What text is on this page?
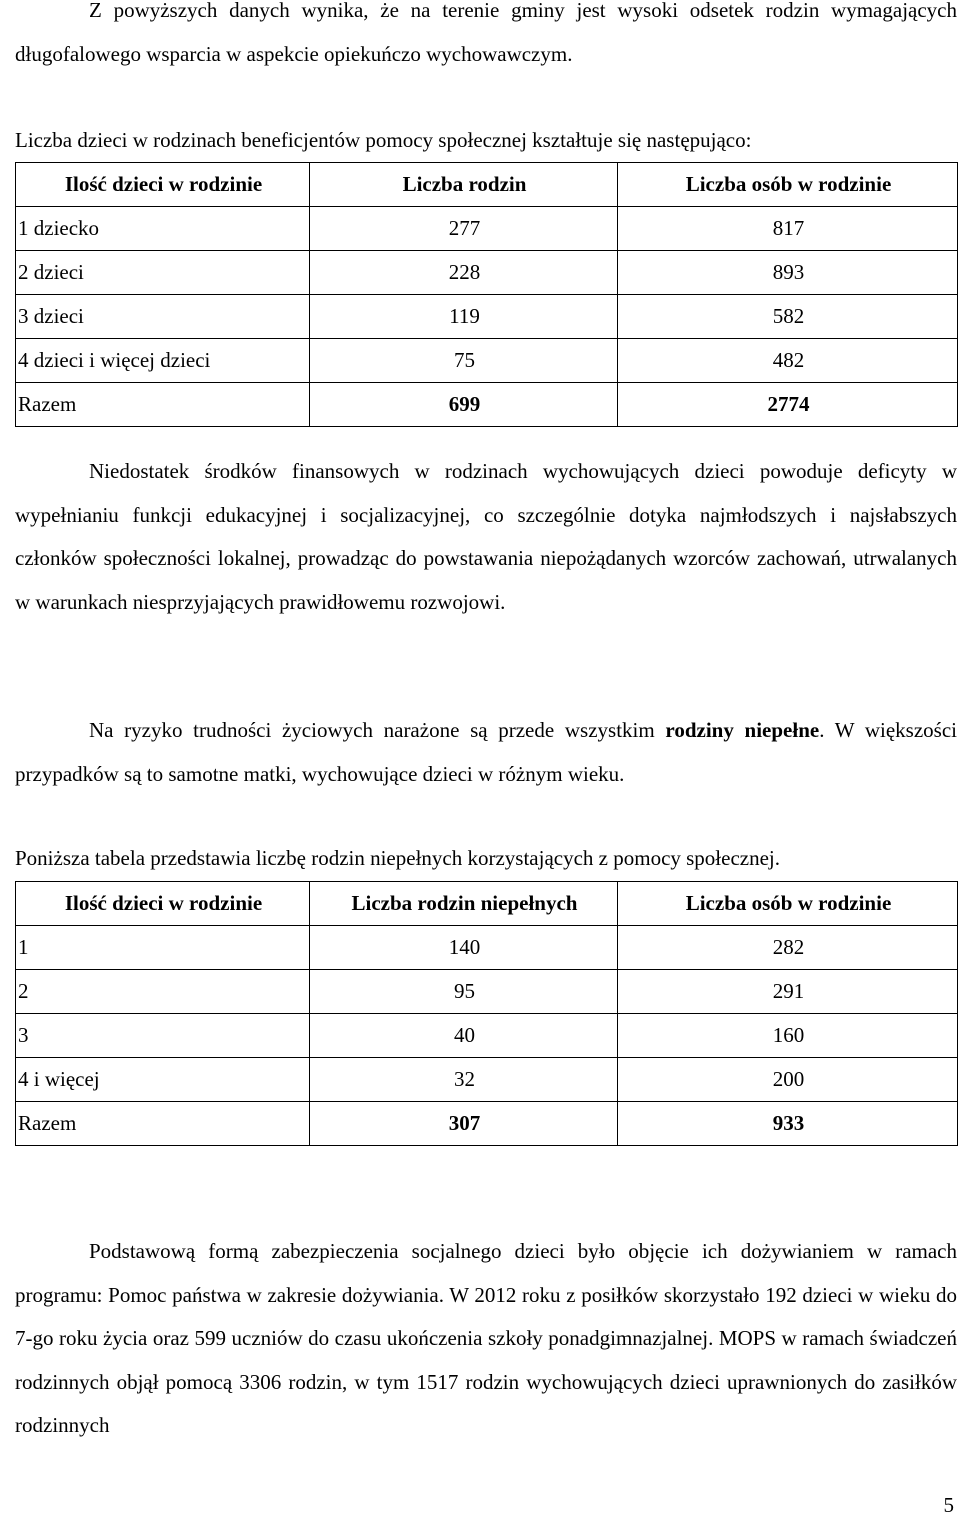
Z powyższych danych wynika, że na terenie gminy jest wysoki odsetek rodzin wymagających długofalowego wsparcia w aspekcie opiekuńczo wychowawczym.

Liczba dzieci w rodzinach beneficjentów pomocy społecznej kształtuje się następująco:
Ilość dzieci w rodzinie	Liczba rodzin	Liczba osób w rodzinie
1 dziecko	277	817
2 dzieci	228	893
3 dzieci	119	582
4 dzieci i więcej dzieci	75	482
Razem	699	2774

Niedostatek środków finansowych w rodzinach wychowujących dzieci powoduje deficyty w wypełnianiu funkcji edukacyjnej i socjalizacyjnej, co szczególnie dotyka najmłodszych i najsłabszych członków społeczności lokalnej, prowadząc do powstawania niepożądanych wzorców zachowań, utrwalanych w warunkach niesprzyjających prawidłowemu rozwojowi.

Na ryzyko trudności życiowych narażone są przede wszystkim rodziny niepełne. W większości przypadków są to samotne matki, wychowujące dzieci w różnym wieku.

Poniższa tabela przedstawia liczbę rodzin niepełnych korzystających z pomocy społecznej.
Ilość dzieci w rodzinie	Liczba rodzin niepełnych	Liczba osób w rodzinie
1	140	282
2	95	291
3	40	160
4 i więcej	32	200
Razem	307	933

Podstawową formą zabezpieczenia socjalnego dzieci było objęcie ich dożywianiem w ramach programu: Pomoc państwa w zakresie dożywiania. W 2012 roku z posiłków skorzystało 192 dzieci w wieku do 7-go roku życia oraz 599 uczniów do czasu ukończenia szkoły ponadgimnazjalnej. MOPS w ramach świadczeń rodzinnych objął pomocą 3306 rodzin, w tym 1517 rodzin wychowujących dzieci uprawnionych do zasiłków rodzinnych

5
